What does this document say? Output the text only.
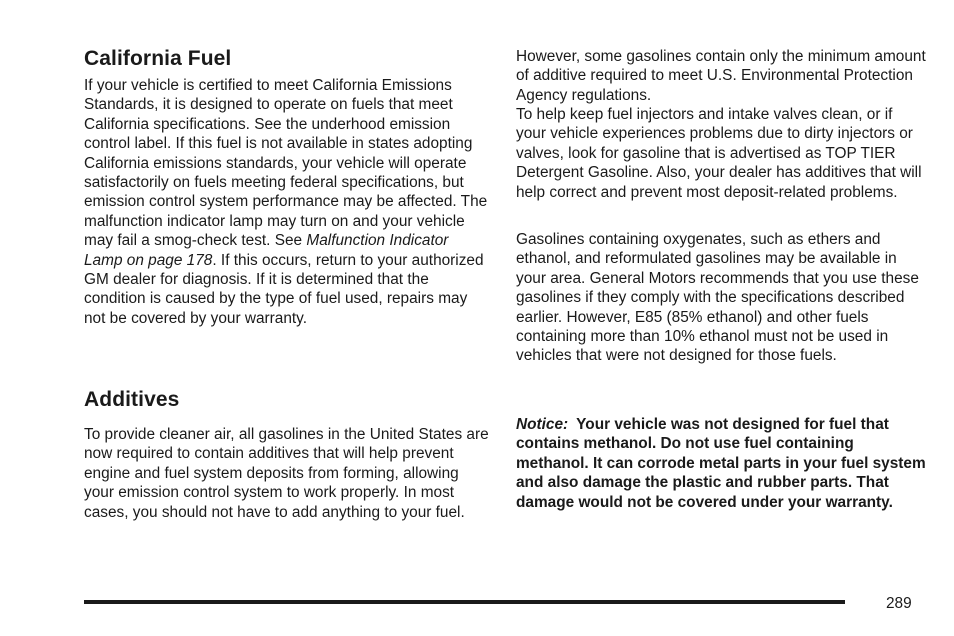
California Fuel

If your vehicle is certified to meet California Emissions Standards, it is designed to operate on fuels that meet California specifications. See the underhood emission control label. If this fuel is not available in states adopting California emissions standards, your vehicle will operate satisfactorily on fuels meeting federal specifications, but emission control system performance may be affected. The malfunction indicator lamp may turn on and your vehicle may fail a smog-check test. See Malfunction Indicator Lamp on page 178. If this occurs, return to your authorized GM dealer for diagnosis. If it is determined that the condition is caused by the type of fuel used, repairs may not be covered by your warranty.

Additives

To provide cleaner air, all gasolines in the United States are now required to contain additives that will help prevent engine and fuel system deposits from forming, allowing your emission control system to work properly. In most cases, you should not have to add anything to your fuel.

However, some gasolines contain only the minimum amount of additive required to meet U.S. Environmental Protection Agency regulations.

To help keep fuel injectors and intake valves clean, or if your vehicle experiences problems due to dirty injectors or valves, look for gasoline that is advertised as TOP TIER Detergent Gasoline. Also, your dealer has additives that will help correct and prevent most deposit-related problems.

Gasolines containing oxygenates, such as ethers and ethanol, and reformulated gasolines may be available in your area. General Motors recommends that you use these gasolines if they comply with the specifications described earlier. However, E85 (85% ethanol) and other fuels containing more than 10% ethanol must not be used in vehicles that were not designed for those fuels.

Notice: Your vehicle was not designed for fuel that contains methanol. Do not use fuel containing methanol. It can corrode metal parts in your fuel system and also damage the plastic and rubber parts. That damage would not be covered under your warranty.

289
